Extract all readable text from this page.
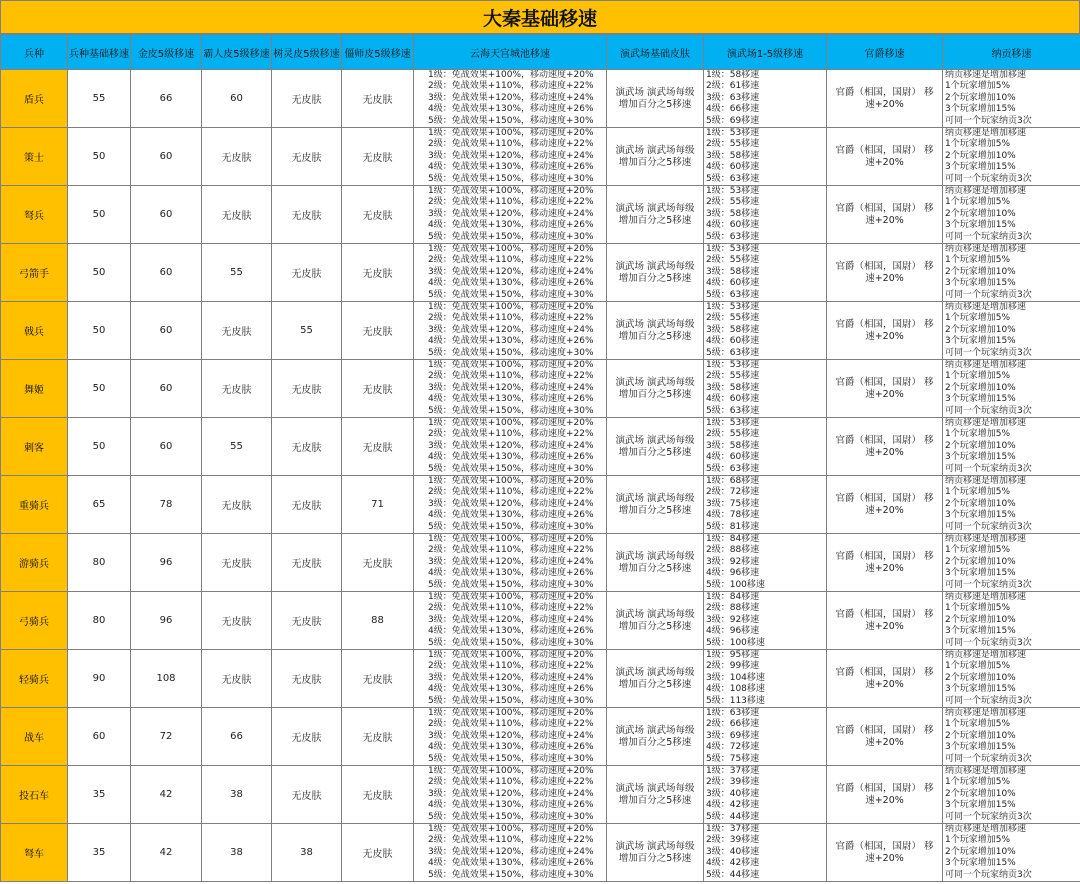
大秦基础移速
兵种	兵种基础移速	金皮5级移速	霸人皮5级移速	树灵皮5级移速	僵师皮5级移速	云海天宫城池移速	演武场基础皮肤	演武场1-5级移速	官爵移速	纳贡移速
盾兵	55	66	60	无皮肤	无皮肤	1级：免战效果+100%，移动速度+20%
2级：免战效果+110%，移动速度+22%
3级：免战效果+120%，移动速度+24%
4级：免战效果+130%，移动速度+26%
5级：免战效果+150%，移动速度+30%	演武场 演武场每级增加百分之5移速	1级：58移速
2级：61移速
3级：63移速
4级：66移速
5级：69移速	官爵（相国，国尉） 移速+20%	纳贡移速是增加移速
1个玩家增加5%
2个玩家增加10%
3个玩家增加15%
可同一个玩家纳贡3次

策士	50	60	无皮肤	无皮肤	无皮肤	1级：免战效果+100%，移动速度+20%
2级：免战效果+110%，移动速度+22%
3级：免战效果+120%，移动速度+24%
4级：免战效果+130%，移动速度+26%
5级：免战效果+150%，移动速度+30%	演武场 演武场每级增加百分之5移速	1级：53移速
2级：55移速
3级：58移速
4级：60移速
5级：63移速	官爵（相国，国尉） 移速+20%	纳贡移速是增加移速
1个玩家增加5%
2个玩家增加10%
3个玩家增加15%
可同一个玩家纳贡3次

弩兵	50	60	无皮肤	无皮肤	无皮肤	1级：免战效果+100%，移动速度+20%
2级：免战效果+110%，移动速度+22%
3级：免战效果+120%，移动速度+24%
4级：免战效果+130%，移动速度+26%
5级：免战效果+150%，移动速度+30%	演武场 演武场每级增加百分之5移速	1级：53移速
2级：55移速
3级：58移速
4级：60移速
5级：63移速	官爵（相国，国尉） 移速+20%	纳贡移速是增加移速
1个玩家增加5%
2个玩家增加10%
3个玩家增加15%
可同一个玩家纳贡3次

弓箭手	50	60	55	无皮肤	无皮肤	1级：免战效果+100%，移动速度+20%
2级：免战效果+110%，移动速度+22%
3级：免战效果+120%，移动速度+24%
4级：免战效果+130%，移动速度+26%
5级：免战效果+150%，移动速度+30%	演武场 演武场每级增加百分之5移速	1级：53移速
2级：55移速
3级：58移速
4级：60移速
5级：63移速	官爵（相国，国尉） 移速+20%	纳贡移速是增加移速
1个玩家增加5%
2个玩家增加10%
3个玩家增加15%
可同一个玩家纳贡3次

戟兵	50	60	无皮肤	55	无皮肤	1级：免战效果+100%，移动速度+20%
2级：免战效果+110%，移动速度+22%
3级：免战效果+120%，移动速度+24%
4级：免战效果+130%，移动速度+26%
5级：免战效果+150%，移动速度+30%	演武场 演武场每级增加百分之5移速	1级：53移速
2级：55移速
3级：58移速
4级：60移速
5级：63移速	官爵（相国，国尉） 移速+20%	纳贡移速是增加移速
1个玩家增加5%
2个玩家增加10%
3个玩家增加15%
可同一个玩家纳贡3次

舞姬	50	60	无皮肤	无皮肤	无皮肤	1级：免战效果+100%，移动速度+20%
2级：免战效果+110%，移动速度+22%
3级：免战效果+120%，移动速度+24%
4级：免战效果+130%，移动速度+26%
5级：免战效果+150%，移动速度+30%	演武场 演武场每级增加百分之5移速	1级：53移速
2级：55移速
3级：58移速
4级：60移速
5级：63移速	官爵（相国，国尉） 移速+20%	纳贡移速是增加移速
1个玩家增加5%
2个玩家增加10%
3个玩家增加15%
可同一个玩家纳贡3次

刺客	50	60	55	无皮肤	无皮肤	1级：免战效果+100%，移动速度+20%
2级：免战效果+110%，移动速度+22%
3级：免战效果+120%，移动速度+24%
4级：免战效果+130%，移动速度+26%
5级：免战效果+150%，移动速度+30%	演武场 演武场每级增加百分之5移速	1级：53移速
2级：55移速
3级：58移速
4级：60移速
5级：63移速	官爵（相国，国尉） 移速+20%	纳贡移速是增加移速
1个玩家增加5%
2个玩家增加10%
3个玩家增加15%
可同一个玩家纳贡3次

重骑兵	65	78	无皮肤	无皮肤	71	1级：免战效果+100%，移动速度+20%
2级：免战效果+110%，移动速度+22%
3级：免战效果+120%，移动速度+24%
4级：免战效果+130%，移动速度+26%
5级：免战效果+150%，移动速度+30%	演武场 演武场每级增加百分之5移速	1级：68移速
2级：72移速
3级：75移速
4级：78移速
5级：81移速	官爵（相国，国尉） 移速+20%	纳贡移速是增加移速
1个玩家增加5%
2个玩家增加10%
3个玩家增加15%
可同一个玩家纳贡3次

游骑兵	80	96	无皮肤	无皮肤	无皮肤	1级：免战效果+100%，移动速度+20%
2级：免战效果+110%，移动速度+22%
3级：免战效果+120%，移动速度+24%
4级：免战效果+130%，移动速度+26%
5级：免战效果+150%，移动速度+30%	演武场 演武场每级增加百分之5移速	1级：84移速
2级：88移速
3级：92移速
4级：96移速
5级：100移速	官爵（相国，国尉） 移速+20%	纳贡移速是增加移速
1个玩家增加5%
2个玩家增加10%
3个玩家增加15%
可同一个玩家纳贡3次

弓骑兵	80	96	无皮肤	无皮肤	88	1级：免战效果+100%，移动速度+20%
2级：免战效果+110%，移动速度+22%
3级：免战效果+120%，移动速度+24%
4级：免战效果+130%，移动速度+26%
5级：免战效果+150%，移动速度+30%	演武场 演武场每级增加百分之5移速	1级：84移速
2级：88移速
3级：92移速
4级：96移速
5级：100移速	官爵（相国，国尉） 移速+20%	纳贡移速是增加移速
1个玩家增加5%
2个玩家增加10%
3个玩家增加15%
可同一个玩家纳贡3次

轻骑兵	90	108	无皮肤	无皮肤	无皮肤	1级：免战效果+100%，移动速度+20%
2级：免战效果+110%，移动速度+22%
3级：免战效果+120%，移动速度+24%
4级：免战效果+130%，移动速度+26%
5级：免战效果+150%，移动速度+30%	演武场 演武场每级增加百分之5移速	1级：95移速
2级：99移速
3级：104移速
4级：108移速
5级：113移速	官爵（相国，国尉） 移速+20%	纳贡移速是增加移速
1个玩家增加5%
2个玩家增加10%
3个玩家增加15%
可同一个玩家纳贡3次

战车	60	72	66	无皮肤	无皮肤	1级：免战效果+100%，移动速度+20%
2级：免战效果+110%，移动速度+22%
3级：免战效果+120%，移动速度+24%
4级：免战效果+130%，移动速度+26%
5级：免战效果+150%，移动速度+30%	演武场 演武场每级增加百分之5移速	1级：63移速
2级：66移速
3级：69移速
4级：72移速
5级：75移速	官爵（相国，国尉） 移速+20%	纳贡移速是增加移速
1个玩家增加5%
2个玩家增加10%
3个玩家增加15%
可同一个玩家纳贡3次

投石车	35	42	38	无皮肤	无皮肤	1级：免战效果+100%，移动速度+20%
2级：免战效果+110%，移动速度+22%
3级：免战效果+120%，移动速度+24%
4级：免战效果+130%，移动速度+26%
5级：免战效果+150%，移动速度+30%	演武场 演武场每级增加百分之5移速	1级：37移速
2级：39移速
3级：40移速
4级：42移速
5级：44移速	官爵（相国，国尉） 移速+20%	纳贡移速是增加移速
1个玩家增加5%
2个玩家增加10%
3个玩家增加15%
可同一个玩家纳贡3次

弩车	35	42	38	38	无皮肤	1级：免战效果+100%，移动速度+20%
2级：免战效果+110%，移动速度+22%
3级：免战效果+120%，移动速度+24%
4级：免战效果+130%，移动速度+26%
5级：免战效果+150%，移动速度+30%	演武场 演武场每级增加百分之5移速	1级：37移速
2级：39移速
3级：40移速
4级：42移速
5级：44移速	官爵（相国，国尉） 移速+20%	纳贡移速是增加移速
1个玩家增加5%
2个玩家增加10%
3个玩家增加15%
可同一个玩家纳贡3次
